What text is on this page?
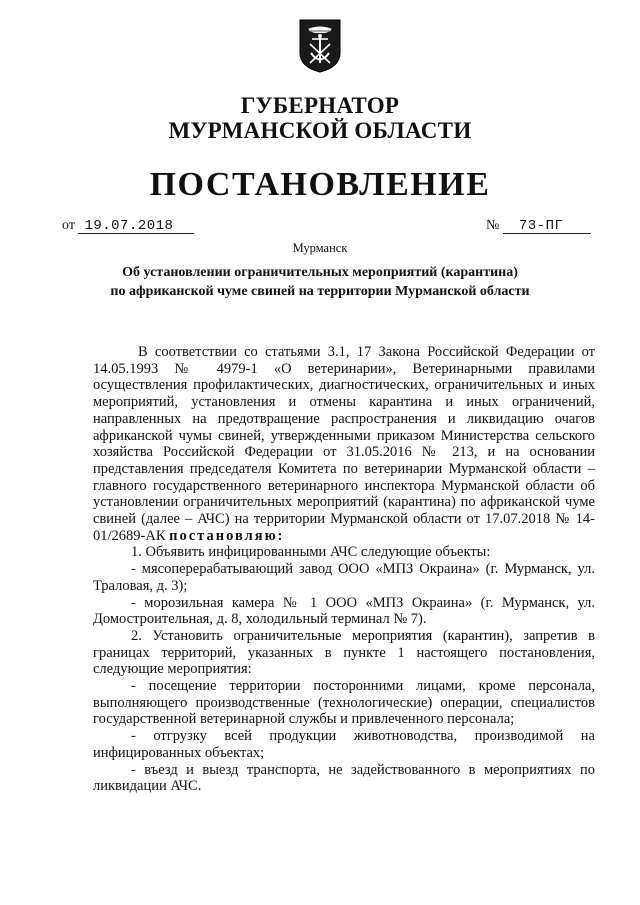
ГУБЕРНАТОР
МУРМАНСКОЙ ОБЛАСТИ
ПОСТАНОВЛЕНИЕ
от 19.07.2018	№ 73-ПГ
Мурманск
Об установлении ограничительных мероприятий (карантина)
по африканской чуме свиней на территории Мурманской области

В соответствии со статьями 3.1, 17 Закона Российской Федерации от 14.05.1993 № 4979-1 «О ветеринарии», Ветеринарными правилами осуществления профилактических, диагностических, ограничительных и иных мероприятий, установления и отмены карантина и иных ограничений, направленных на предотвращение распространения и ликвидацию очагов африканской чумы свиней, утвержденными приказом Министерства сельского хозяйства Российской Федерации от 31.05.2016 № 213, и на основании представления председателя Комитета по ветеринарии Мурманской области – главного государственного ветеринарного инспектора Мурманской области об установлении ограничительных мероприятий (карантина) по африканской чуме свиней (далее – АЧС) на территории Мурманской области от 17.07.2018 № 14-01/2689-АК постановляю:

1. Объявить инфицированными АЧС следующие объекты:

- мясоперерабатывающий завод ООО «МПЗ Окраина» (г. Мурманск, ул. Траловая, д. 3);

- морозильная камера № 1 ООО «МПЗ Окраина» (г. Мурманск, ул. Домостроительная, д. 8, холодильный терминал № 7).

2. Установить ограничительные мероприятия (карантин), запретив в границах территорий, указанных в пункте 1 настоящего постановления, следующие мероприятия:

- посещение территории посторонними лицами, кроме персонала, выполняющего производственные (технологические) операции, специалистов государственной ветеринарной службы и привлеченного персонала;

- отгрузку всей продукции животноводства, производимой на инфицированных объектах;

- въезд и выезд транспорта, не задействованного в мероприятиях по ликвидации АЧС.
